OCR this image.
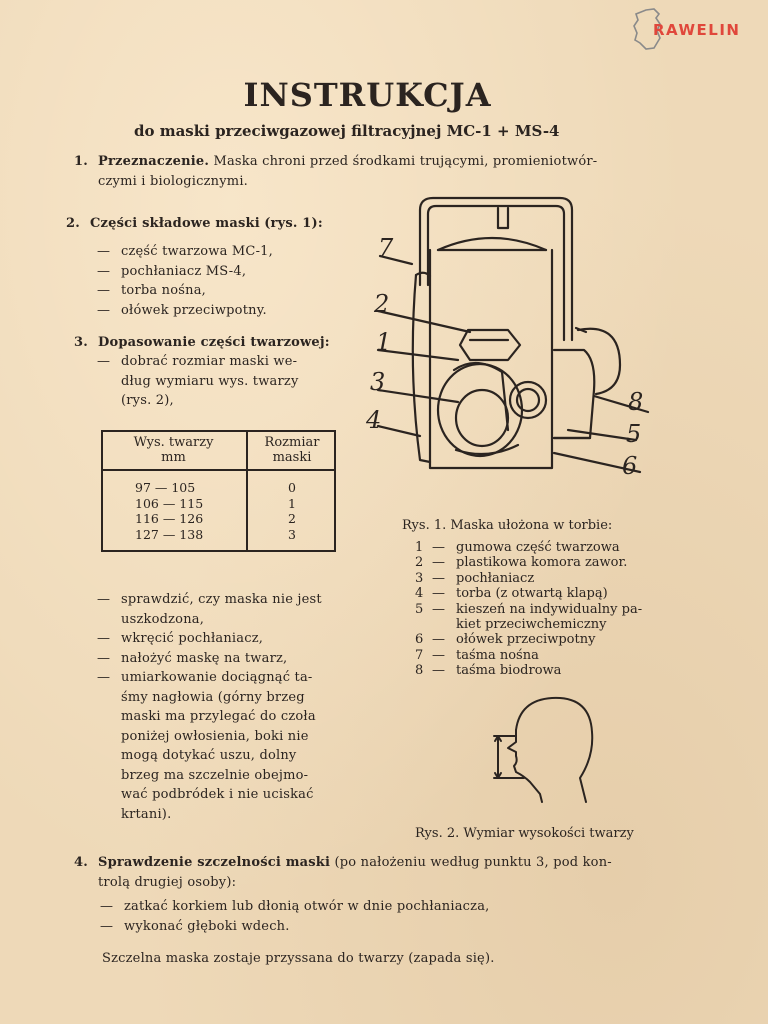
RAWELIN
INSTRUKCJA
do maski przeciwgazowej filtracyjnej MC-1 + MS-4
1. Przeznaczenie.
Maska chroni przed środkami trującymi, promieniotwór-
czymi i biologicznymi.
2. Części składowe maski
(rys. 1):
— część twarzowa MC-1,
— pochłaniacz MS-4,
— torba nośna,
— ołówek przeciwpotny.
3. Dopasowanie części twarzowej:
— dobrać rozmiar maski we-
dług wymiaru wys. twarzy
(rys. 2),
Wys. twarzy
mm
Rozmiar
maski
97 — 105
106 — 115
116 — 126
127 — 138
0
1
2
3
— sprawdzić, czy maska nie jest
uszkodzona,
— wkręcić pochłaniacz,
— nałożyć maskę na twarz,
— umiarkowanie dociągnąć ta-
śmy nagłowia (górny brzeg
maski ma przylegać do czoła
poniżej owłosienia, boki nie
mogą dotykać uszu, dolny
brzeg ma szczelnie obejmo-
wać podbródek i nie uciskać
krtani).
7
2
1
3
4
8
5
6
Rys. 1. Maska ułożona w torbie:
1 — gumowa część twarzowa
2 — plastikowa komora zawor.
3 — pochłaniacz
4 — torba (z otwartą klapą)
5 — kieszeń na indywidualny pa-
kiet przeciwchemiczny
6 — ołówek przeciwpotny
7 — taśma nośna
8 — taśma biodrowa
Rys. 2. Wymiar wysokości twarzy
4. Sprawdzenie szczelności maski
(po nałożeniu według punktu 3, pod kon-
trolą drugiej osoby):
— zatkać korkiem lub dłonią otwór w dnie pochłaniacza,
— wykonać głęboki wdech.
Szczelna maska zostaje przyssana do twarzy (zapada się).
